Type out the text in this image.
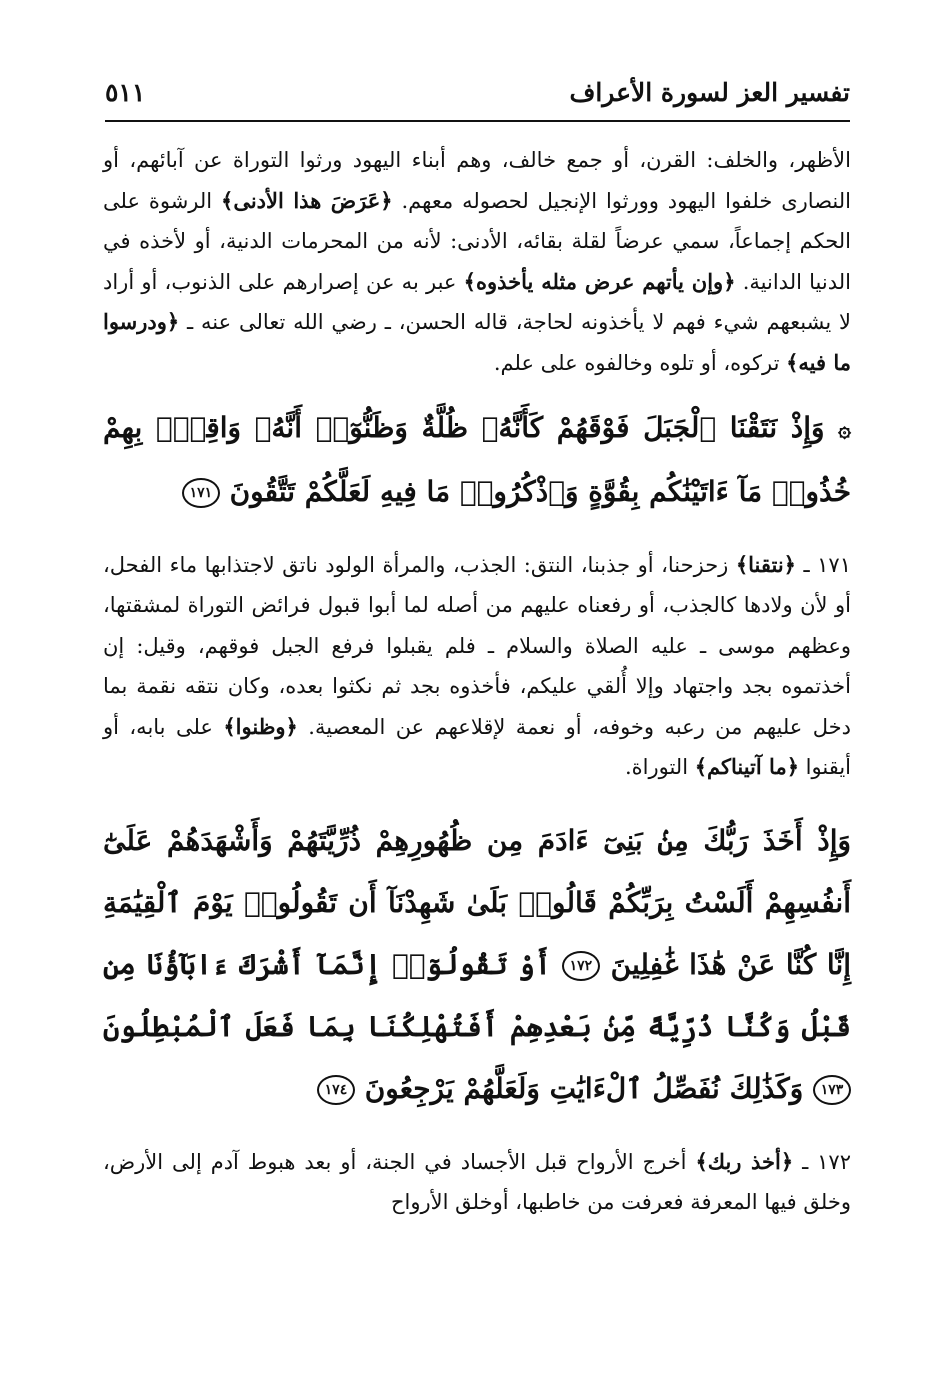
تفسير العز لسورة الأعراف
٥١١

الأظهر، والخلف: القرن، أو جمع خالف، وهم أبناء اليهود ورثوا التوراة عن آبائهم، أو النصارى خلفوا اليهود وورثوا الإنجيل لحصوله معهم. ﴿عَرَضَ هذا الأدنى﴾ الرشوة على الحكم إجماعاً، سمي عرضاً لقلة بقائه، الأدنى: لأنه من المحرمات الدنية، أو لأخذه في الدنيا الدانية. ﴿وإن يأتهم عرض مثله يأخذوه﴾ عبر به عن إصرارهم على الذنوب، أو أراد لا يشبعهم شيء فهم لا يأخذونه لحاجة، قاله الحسن، ـ رضي الله تعالى عنه ـ ﴿ودرسوا ما فيه﴾ تركوه، أو تلوه وخالفوه على علم.

۞ وَإِذْ نَتَقْنَا ٱلْجَبَلَ فَوْقَهُمْ كَأَنَّهُۥ ظُلَّةٌ وَظَنُّوٓا۟ أَنَّهُۥ وَاقِعٌۢ بِهِمْ خُذُوا۟ مَآ ءَاتَيْنَٰكُم بِقُوَّةٍ وَٱذْكُرُوا۟ مَا فِيهِ لَعَلَّكُمْ تَتَّقُونَ ١٧١

١٧١ ـ ﴿نتقنا﴾ زحزحنا، أو جذبنا، النتق: الجذب، والمرأة الولود ناتق لاجتذابها ماء الفحل، أو لأن ولادها كالجذب، أو رفعناه عليهم من أصله لما أبوا قبول فرائض التوراة لمشقتها، وعظهم موسى ـ عليه الصلاة والسلام ـ فلم يقبلوا فرفع الجبل فوقهم، وقيل: إن أخذتموه بجد واجتهاد وإلا أُلقي عليكم، فأخذوه بجد ثم نكثوا بعده، وكان نتقه نقمة بما دخل عليهم من رعبه وخوفه، أو نعمة لإقلاعهم عن المعصية. ﴿وظنوا﴾ على بابه، أو أيقنوا ﴿ما آتيناكم﴾ التوراة.

وَإِذْ أَخَذَ رَبُّكَ مِنۢ بَنِىٓ ءَادَمَ مِن ظُهُورِهِمْ ذُرِّيَّتَهُمْ وَأَشْهَدَهُمْ عَلَىٰٓ أَنفُسِهِمْ أَلَسْتُ بِرَبِّكُمْ قَالُوا۟ بَلَىٰ شَهِدْنَآ أَن تَقُولُوا۟ يَوْمَ ٱلْقِيَٰمَةِ إِنَّا كُنَّا عَنْ هَٰذَا غَٰفِلِينَ ١٧٢ أَوْ تَقُولُوٓا۟ إِنَّمَآ أَشْرَكَ ءَابَآؤُنَا مِن قَبْلُ وَكُنَّا ذُرِّيَّةً مِّنۢ بَعْدِهِمْ أَفَتُهْلِكُنَا بِمَا فَعَلَ ٱلْمُبْطِلُونَ ١٧٣ وَكَذَٰلِكَ نُفَصِّلُ ٱلْءَايَٰتِ وَلَعَلَّهُمْ يَرْجِعُونَ ١٧٤

١٧٢ ـ ﴿أخذ ربك﴾ أخرج الأرواح قبل الأجساد في الجنة، أو بعد هبوط آدم إلى الأرض، وخلق فيها المعرفة فعرفت من خاطبها، أوخلق الأرواح
